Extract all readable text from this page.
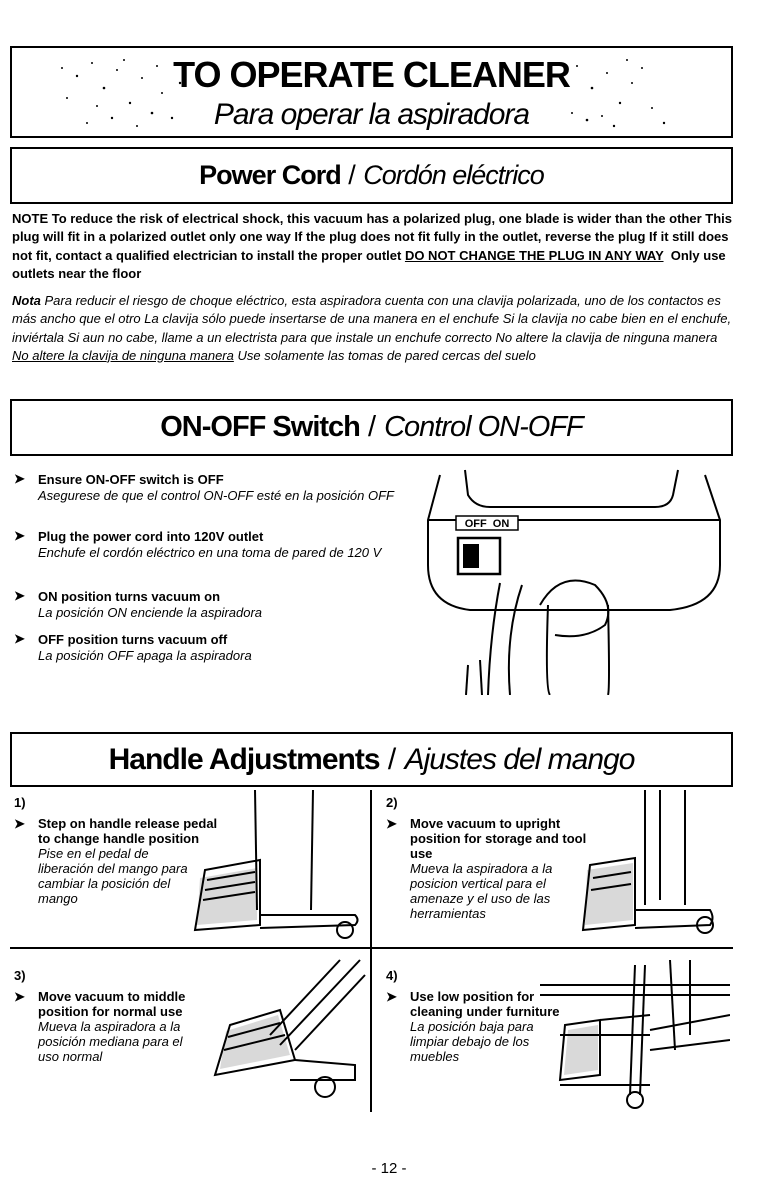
TO OPERATE CLEANER
Para operar la aspiradora
Power Cord / Cordón eléctrico
NOTE To reduce the risk of electrical shock, this vacuum has a polarized plug, one blade is wider than the other This plug will fit in a polarized outlet only one way If the plug does not fit fully in the outlet, reverse the plug If it still does not fit, contact a qualified electrician to install the proper outlet DO NOT CHANGE THE PLUG IN ANY WAY  Only use outlets near the floor
Nota Para reducir el riesgo de choque eléctrico, esta aspiradora cuenta con una clavija polarizada, uno de los contactos es más ancho que el otro La clavija sólo puede insertarse de una manera en el enchufe Si la clavija no cabe bien en el enchufe, inviértala Si aun no cabe, llame a un electrista para que instale un enchufe correcto No altere la clavija de ninguna manera No altere la clavija de ninguna manera Use solamente las tomas de pared cercas del suelo
ON-OFF Switch / Control ON-OFF
➤	Ensure ON-OFF switch is OFF
Asegurese de que el control ON-OFF esté en la posición OFF
➤	Plug the power cord into 120V outlet
Enchufe el cordón eléctrico en una toma de pared de 120 V
➤	ON position turns vacuum on
La posición ON enciende la aspiradora
➤	OFF position turns vacuum off
La posición OFF apaga la aspiradora
OFF  ON
Handle Adjustments / Ajustes del mango
1)
➤ Step on handle release pedal to change handle position
Pise en el pedal de liberación del mango para cambiar la posición del mango
2)
➤ Move vacuum to upright position for storage and tool use
Mueva la aspiradora a la posicion vertical para el amenaze y el uso de las herramientas
3)
➤ Move vacuum to middle position for normal use
Mueva la aspiradora a la posición mediana para el uso normal
4)
➤ Use low position for cleaning under furniture
La posición baja para limpiar debajo de los muebles
- 12 -
